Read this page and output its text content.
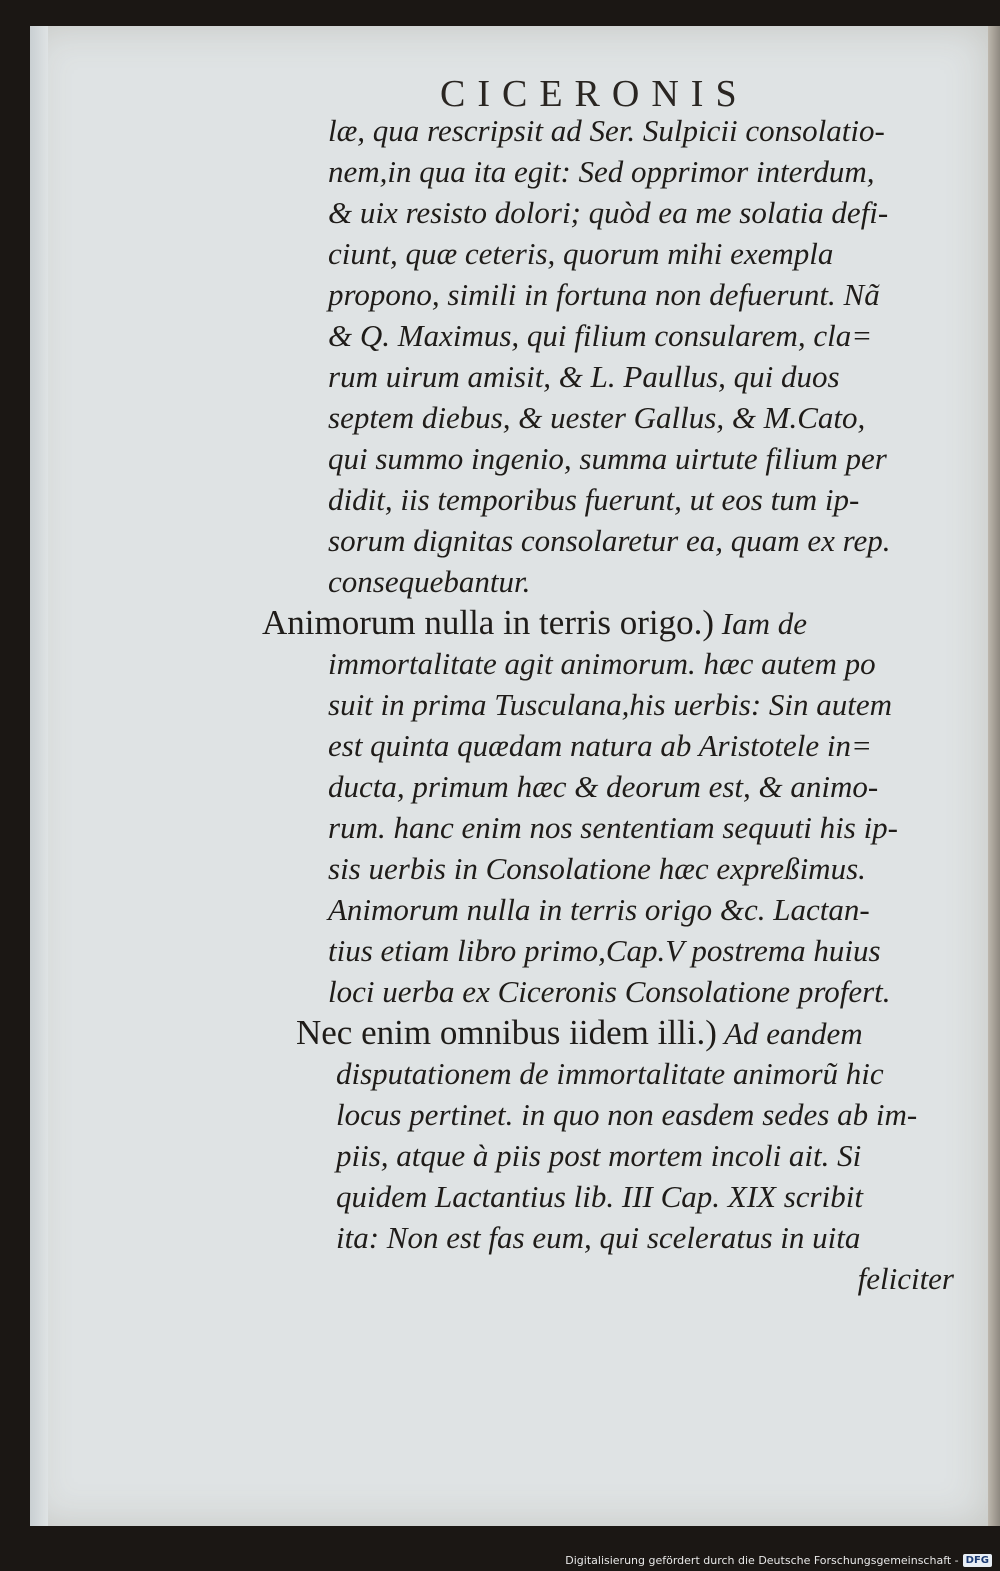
CICERONIS
læ, qua rescripsit ad Ser. Sulpicii consolatio-
nem,in qua ita egit: Sed opprimor interdum,
& uix resisto dolori; quòd ea me solatia defi-
ciunt, quæ ceteris, quorum mihi exempla
propono, simili in fortuna non defuerunt. Nã
& Q. Maximus, qui filium consularem, cla=
rum uirum amisit, & L. Paullus, qui duos
septem diebus, & uester Gallus, & M.Cato,
qui summo ingenio, summa uirtute filium per
didit, iis temporibus fuerunt, ut eos tum ip-
sorum dignitas consolaretur ea, quam ex rep.
consequebantur.
Animorum nulla in terris origo.) Iam de
immortalitate agit animorum. hæc autem po
suit in prima Tusculana,his uerbis: Sin autem
est quinta quædam natura ab Aristotele in=
ducta, primum hæc & deorum est, & animo-
rum. hanc enim nos sententiam sequuti his ip-
sis uerbis in Consolatione hæc expreßimus.
Animorum nulla in terris origo &c. Lactan-
tius etiam libro primo,Cap.V postrema huius
loci uerba ex Ciceronis Consolatione profert.
Nec enim omnibus iidem illi.) Ad eandem
disputationem de immortalitate animorũ hic
locus pertinet. in quo non easdem sedes ab im-
piis, atque à piis post mortem incoli ait. Si
quidem Lactantius lib. III Cap. XIX scribit
ita: Non est fas eum, qui sceleratus in uita
feliciter
Digitalisierung gefördert durch die Deutsche Forschungsgemeinschaft - DFG
